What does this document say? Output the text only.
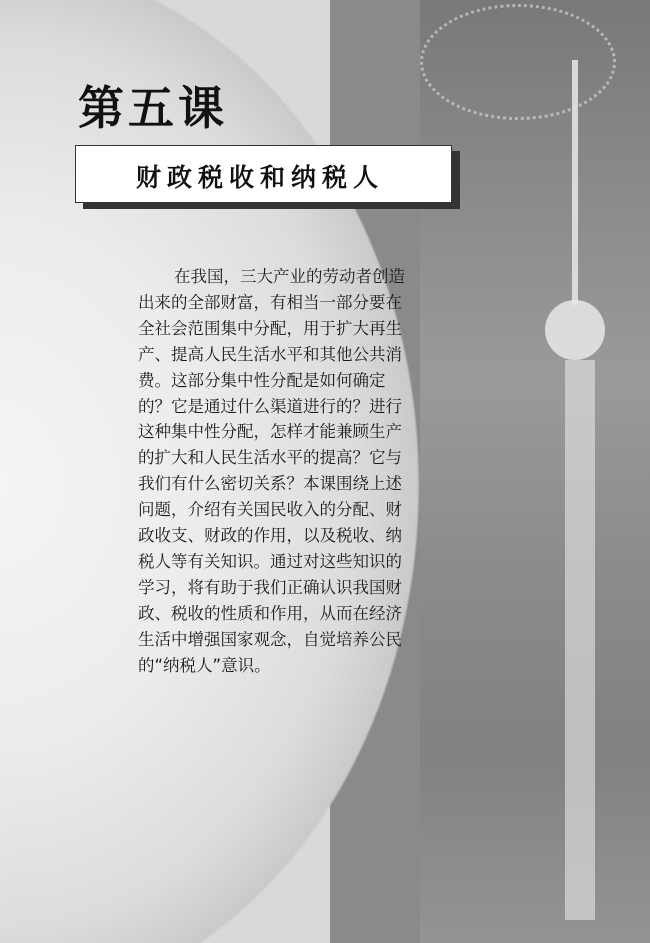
第五课
财政税收和纳税人
在我国，三大产业的劳动者创造
出来的全部财富，有相当一部分要在
全社会范围集中分配，用于扩大再生
产、提高人民生活水平和其他公共消
费。这部分集中性分配是如何确定
的？它是通过什么渠道进行的？进行
这种集中性分配，怎样才能兼顾生产
的扩大和人民生活水平的提高？它与
我们有什么密切关系？本课围绕上述
问题，介绍有关国民收入的分配、财
政收支、财政的作用，以及税收、纳
税人等有关知识。通过对这些知识的
学习，将有助于我们正确认识我国财
政、税收的性质和作用，从而在经济
生活中增强国家观念，自觉培养公民
的“纳税人”意识。
